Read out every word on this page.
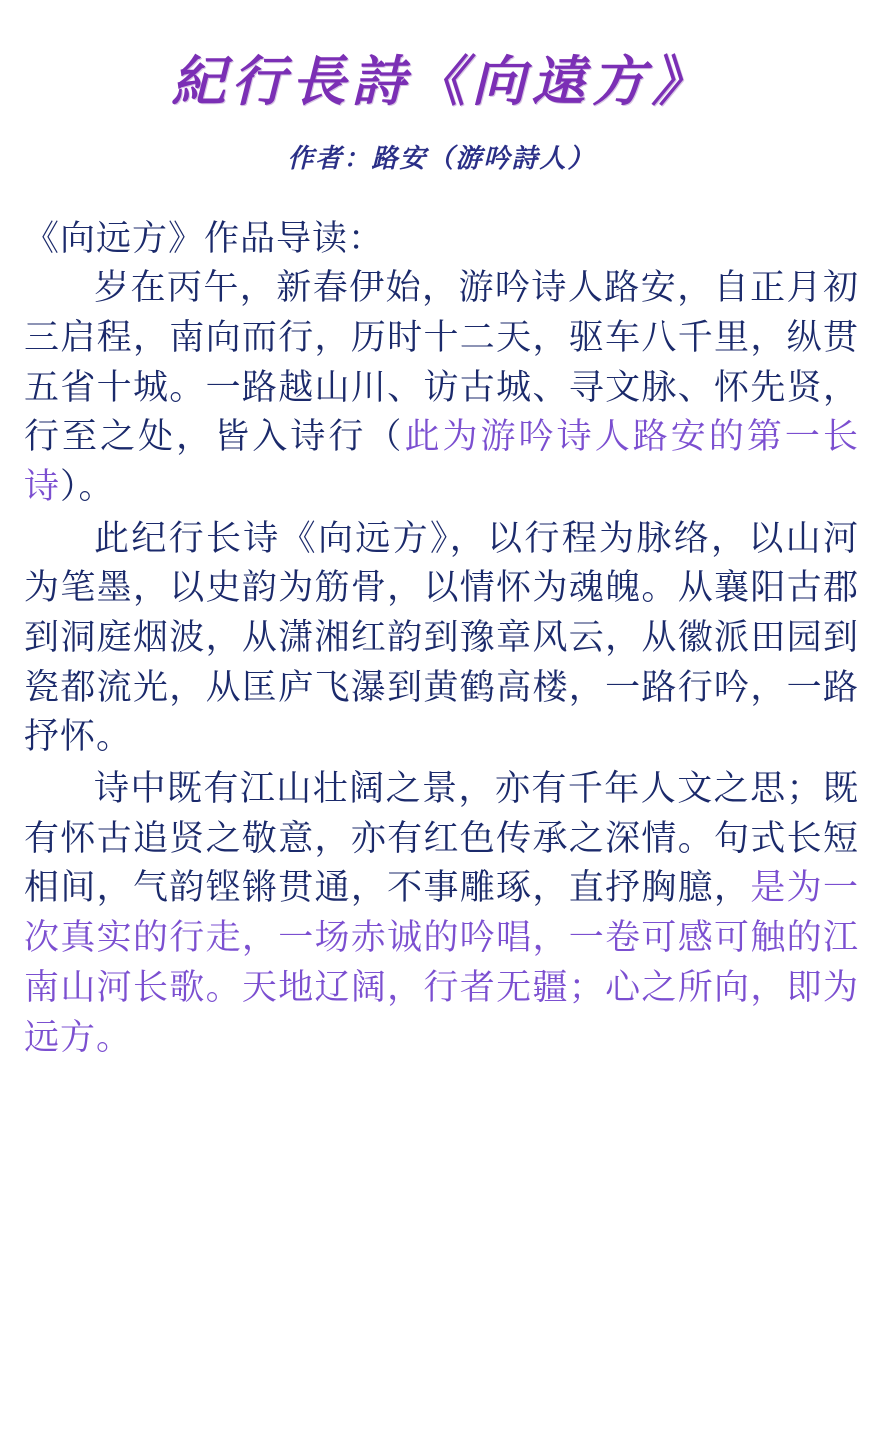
紀行長詩《向遠方》
作者：路安（游吟詩人）

《向远方》作品导读：

岁在丙午，新春伊始，游吟诗人路安，自正月初三启程，南向而行，历时十二天，驱车八千里，纵贯五省十城。一路越山川、访古城、寻文脉、怀先贤，行至之处，皆入诗行（此为游吟诗人路安的第一长诗）。

此纪行长诗《向远方》，以行程为脉络，以山河为笔墨，以史韵为筋骨，以情怀为魂魄。从襄阳古郡到洞庭烟波，从潇湘红韵到豫章风云，从徽派田园到瓷都流光，从匡庐飞瀑到黄鹤高楼，一路行吟，一路抒怀。

诗中既有江山壮阔之景，亦有千年人文之思；既有怀古追贤之敬意，亦有红色传承之深情。句式长短相间，气韵铿锵贯通，不事雕琢，直抒胸臆，是为一次真实的行走，一场赤诚的吟唱，一卷可感可触的江南山河长歌。天地辽阔，行者无疆；心之所向，即为远方。
